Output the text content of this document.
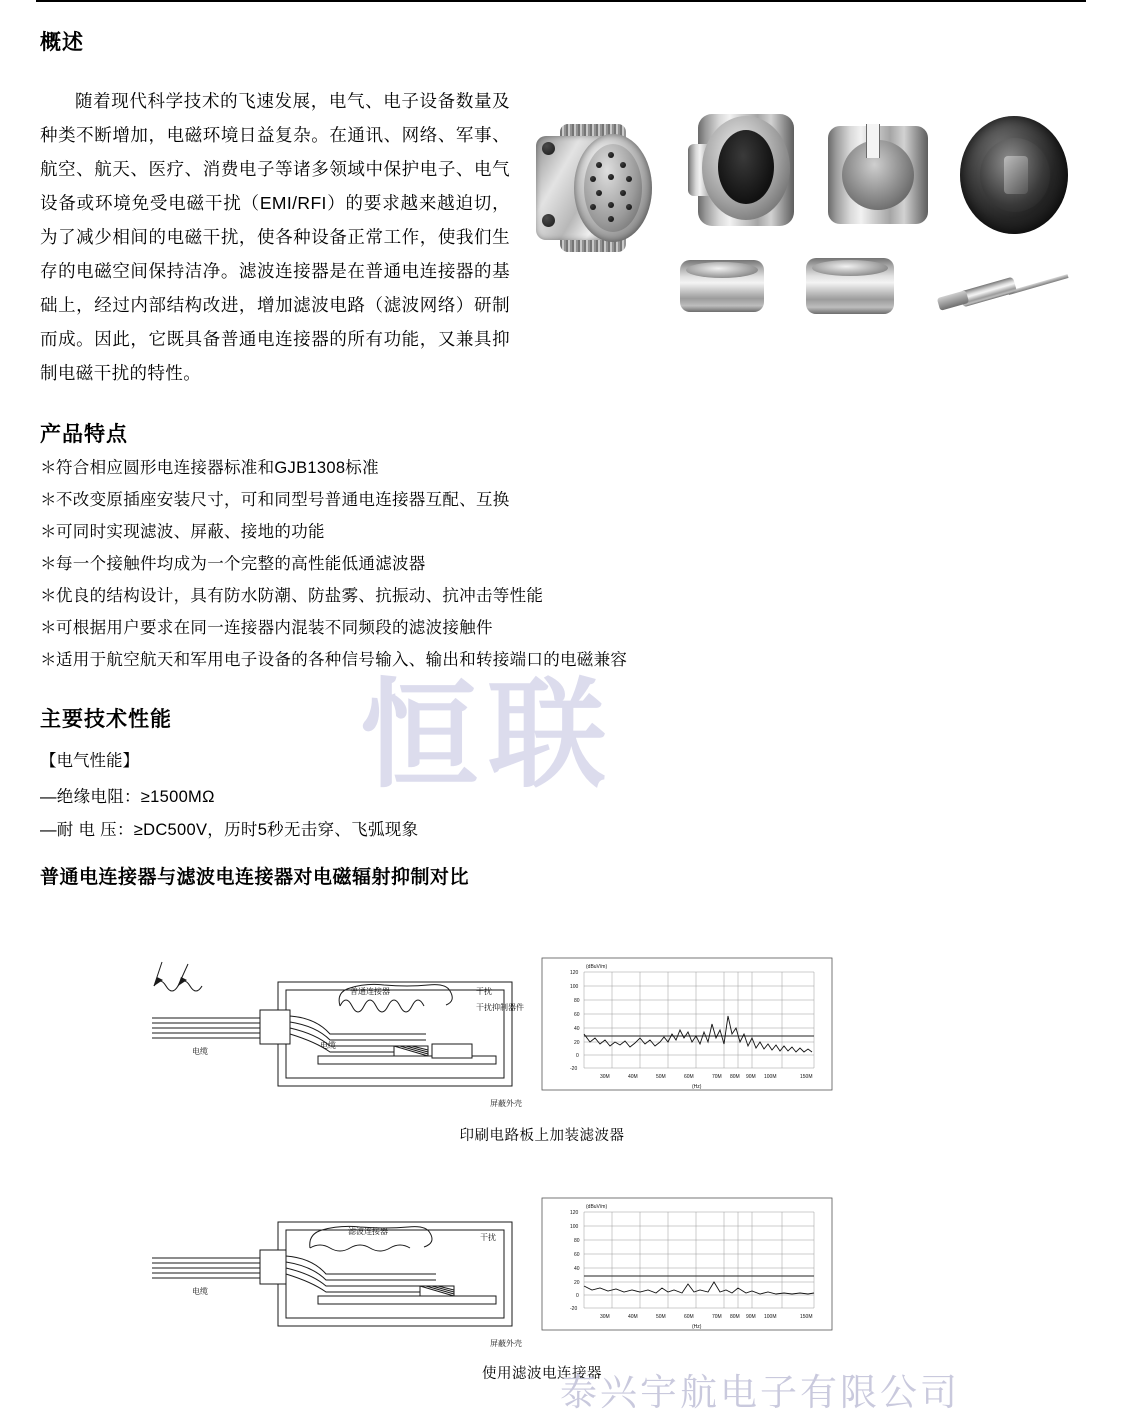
概述

随着现代科学技术的飞速发展，电气、电子设备数量及种类不断增加，电磁环境日益复杂。在通讯、网络、军事、航空、航天、医疗、消费电子等诸多领域中保护电子、电气设备或环境免受电磁干扰（EMI/RFI）的要求越来越迫切，为了减少相间的电磁干扰，使各种设备正常工作，使我们生存的电磁空间保持洁净。滤波连接器是在普通电连接器的基础上，经过内部结构改进，增加滤波电路（滤波网络）研制而成。因此，它既具备普通电连接器的所有功能，又兼具抑制电磁干扰的特性。

产品特点
＊符合相应圆形电连接器标准和GJB1308标准
＊不改变原插座安装尺寸，可和同型号普通电连接器互配、互换
＊可同时实现滤波、屏蔽、接地的功能
＊每一个接触件均成为一个完整的高性能低通滤波器
＊优良的结构设计，具有防水防潮、防盐雾、抗振动、抗冲击等性能
＊可根据用户要求在同一连接器内混装不同频段的滤波接触件
＊适用于航空航天和军用电子设备的各种信号输入、输出和转接端口的电磁兼容
主要技术性能
【电气性能】
—绝缘电阻：≥1500MΩ
—耐 电 压：≥DC500V，历时5秒无击穿、飞弧现象
普通电连接器与滤波电连接器对电磁辐射抑制对比
恒联
普通连接器
电缆
干扰
干扰抑制器件
屏蔽外壳
电缆
(dBuV/m)
120
100
80
60
40
20
0
-20
30M	40M	50M	60M	70M 80M 90M 100M	150M
(Hz)
印刷电路板上加装滤波器
滤波连接器
电缆
干扰
屏蔽外壳
(dBuV/m)
120
100
80
60
40
20
0
-20
30M	40M	50M	60M	70M 80M 90M 100M	150M
(Hz)
使用滤波电连接器
泰兴宇航电子有限公司
